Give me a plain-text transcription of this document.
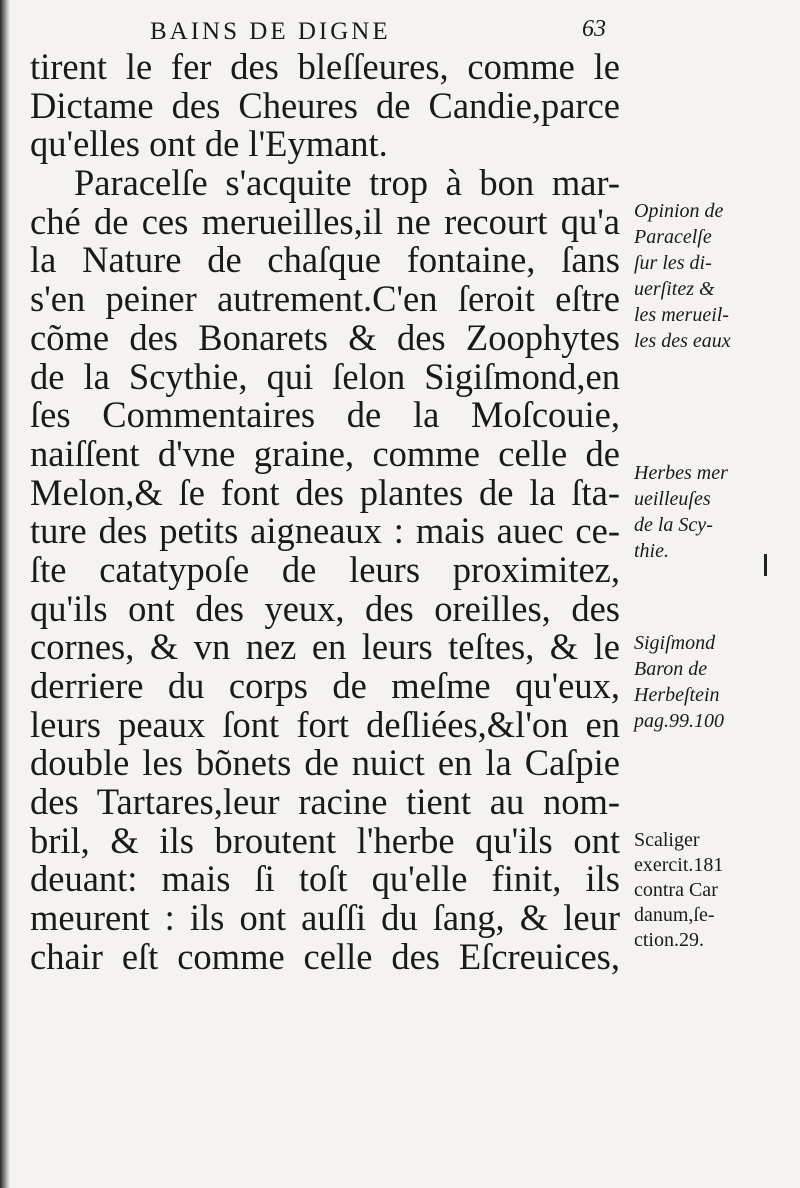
BAINS DE DIGNE	63
tirent le fer des bleſſeures, comme le
Dictame des Cheures de Candie,parce
qu'elles ont de l'Eymant.
Paracelſe s'acquite trop à bon mar-
ché de ces merueilles,il ne recourt qu'a
la Nature de chaſque fontaine, ſans
s'en peiner autrement.C'en ſeroit eſtre
cõme des Bonarets & des Zoophytes
de la Scythie, qui ſelon Sigiſmond,en
ſes Commentaires de la Moſcouie,
naiſſent d'vne graine, comme celle de
Melon,& ſe font des plantes de la ſta-
ture des petits aigneaux : mais auec ce-
ſte catatypoſe de leurs proximitez,
qu'ils ont des yeux, des oreilles, des
cornes, & vn nez en leurs teſtes, & le
derriere du corps de meſme qu'eux,
leurs peaux ſont fort deſliées,&l'on en
double les bõnets de nuict en la Caſpie
des Tartares,leur racine tient au nom-
bril, & ils broutent l'herbe qu'ils ont
deuant: mais ſi toſt qu'elle finit, ils
meurent : ils ont auſſi du ſang, & leur
chair eſt comme celle des Eſcreuices,
Opinion de
Paracelſe
ſur les di-
uerſitez &
les merueil-
les des eaux
Herbes mer
ueilleuſes
de la Scy-
thie.
Sigiſmond
Baron de
Herbeſtein
pag.99.100
Scaliger
exercit.181
contra Car
danum,ſe-
ction.29.
